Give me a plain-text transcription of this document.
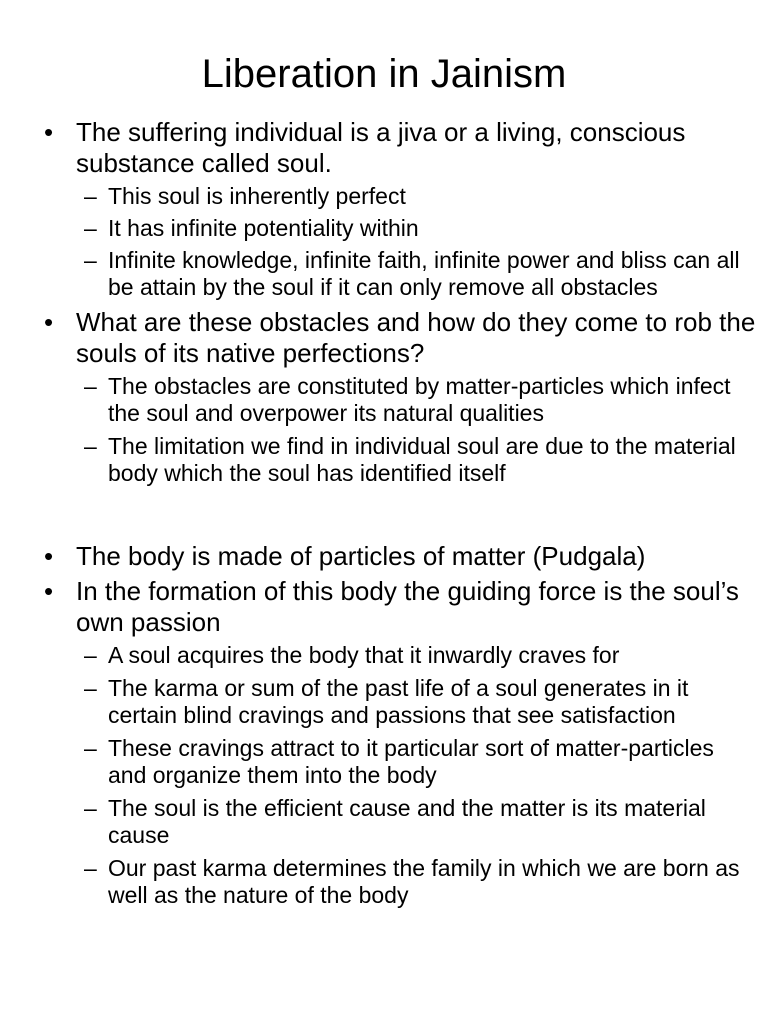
Liberation in Jainism
• The suffering individual is a jiva or a living, conscious substance called soul.
– This soul is inherently perfect
– It has infinite potentiality within
– Infinite knowledge, infinite faith, infinite power and bliss can all be attain by the soul if it can only remove all obstacles
• What are these obstacles and how do they come to rob the souls of its native perfections?
– The obstacles are constituted by matter-particles which infect the soul and overpower its natural qualities
– The limitation we find in individual soul are due to the material body which the soul has identified itself
• The body is made of particles of matter (Pudgala)
• In the formation of this body the guiding force is the soul’s own passion
– A soul acquires the body that it inwardly craves for
– The karma or sum of the past life of a soul generates in it certain blind cravings and passions that see satisfaction
– These cravings attract to it particular sort of matter-particles and organize them into the body
– The soul is the efficient cause and the matter is its material cause
– Our past karma determines the family in which we are born as well as the nature of the body
